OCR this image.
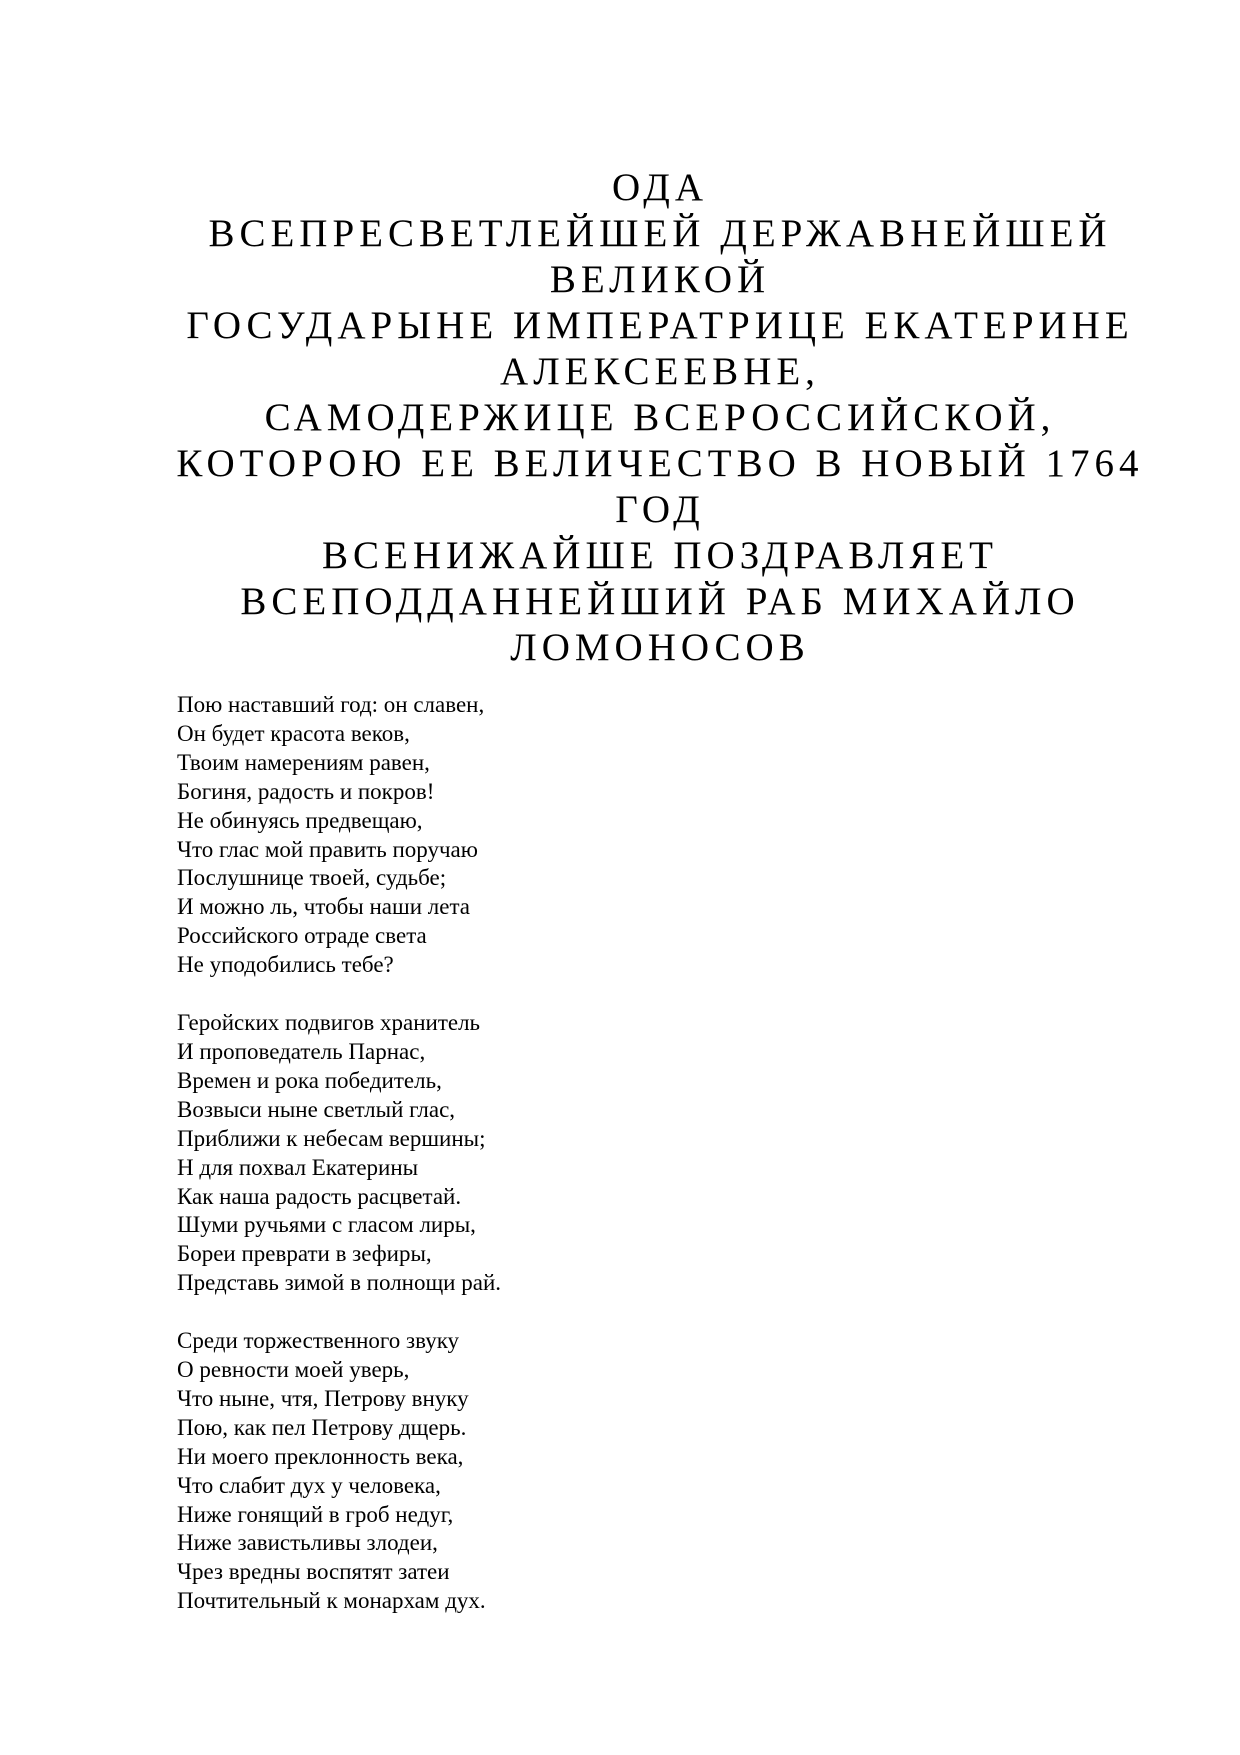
ОДА
ВСЕПРЕСВЕТЛЕЙШЕЙ ДЕРЖАВНЕЙШЕЙ
ВЕЛИКОЙ
ГОСУДАРЫНЕ ИМПЕРАТРИЦЕ ЕКАТЕРИНЕ
АЛЕКСЕЕВНЕ,
САМОДЕРЖИЦЕ ВСЕРОССИЙСКОЙ,
КОТОРОЮ ЕЕ ВЕЛИЧЕСТВО В НОВЫЙ 1764
ГОД
ВСЕНИЖАЙШЕ ПОЗДРАВЛЯЕТ
ВСЕПОДДАННЕЙШИЙ РАБ МИХАЙЛО
ЛОМОНОСОВ
Пою наставший год: он славен,
Он будет красота веков,
Твоим намерениям равен,
Богиня, радость и покров!
Не обинуясь предвещаю,
Что глас мой править поручаю
Послушнице твоей, судьбе;
И можно ль, чтобы наши лета
Российского отраде света
Не уподобились тебе?
Геройских подвигов хранитель
И проповедатель Парнас,
Времен и рока победитель,
Возвыси ныне светлый глас,
Приближи к небесам вершины;
Н для похвал Екатерины
Как наша радость расцветай.
Шуми ручьями с гласом лиры,
Бореи преврати в зефиры,
Представь зимой в полнощи рай.
Среди торжественного звуку
О ревности моей уверь,
Что ныне, чтя, Петрову внуку
Пою, как пел Петрову дщерь.
Ни моего преклонность века,
Что слабит дух у человека,
Ниже гонящий в гроб недуг,
Ниже завистьливы злодеи,
Чрез вредны воспятят затеи
Почтительный к монархам дух.
